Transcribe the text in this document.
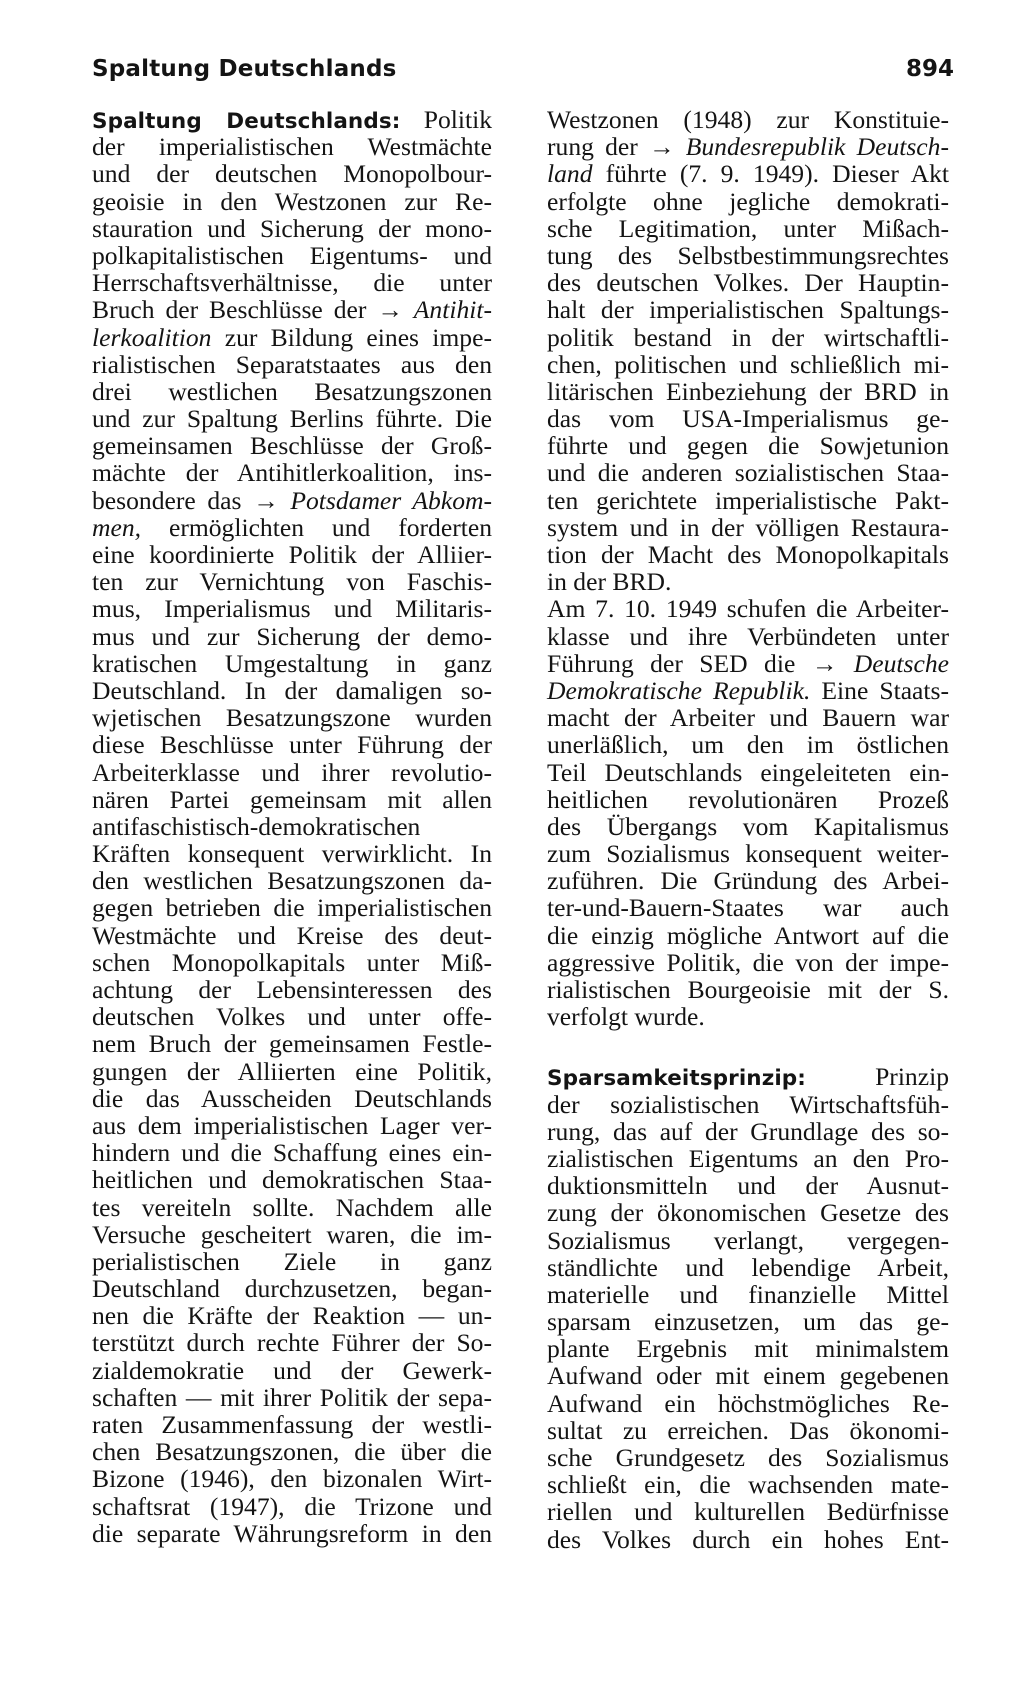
Spaltung Deutschlands	894
Spaltung Deutschlands: Politik
der imperialistischen Westmächte
und der deutschen Monopolbour-
geoisie in den Westzonen zur Re-
stauration und Sicherung der mono-
polkapitalistischen Eigentums- und
Herrschaftsverhältnisse, die unter
Bruch der Beschlüsse der → Antihit-
lerkoalition zur Bildung eines impe-
rialistischen Separatstaates aus den
drei westlichen Besatzungszonen
und zur Spaltung Berlins führte. Die
gemeinsamen Beschlüsse der Groß-
mächte der Antihitlerkoalition, ins-
besondere das → Potsdamer Abkom-
men, ermöglichten und forderten
eine koordinierte Politik der Alliier-
ten zur Vernichtung von Faschis-
mus, Imperialismus und Militaris-
mus und zur Sicherung der demo-
kratischen Umgestaltung in ganz
Deutschland. In der damaligen so-
wjetischen Besatzungszone wurden
diese Beschlüsse unter Führung der
Arbeiterklasse und ihrer revolutio-
nären Partei gemeinsam mit allen
antifaschistisch-demokratischen
Kräften konsequent verwirklicht. In
den westlichen Besatzungszonen da-
gegen betrieben die imperialistischen
Westmächte und Kreise des deut-
schen Monopolkapitals unter Miß-
achtung der Lebensinteressen des
deutschen Volkes und unter offe-
nem Bruch der gemeinsamen Festle-
gungen der Alliierten eine Politik,
die das Ausscheiden Deutschlands
aus dem imperialistischen Lager ver-
hindern und die Schaffung eines ein-
heitlichen und demokratischen Staa-
tes vereiteln sollte. Nachdem alle
Versuche gescheitert waren, die im-
perialistischen Ziele in ganz
Deutschland durchzusetzen, began-
nen die Kräfte der Reaktion — un-
terstützt durch rechte Führer der So-
zialdemokratie und der Gewerk-
schaften — mit ihrer Politik der sepa-
raten Zusammenfassung der westli-
chen Besatzungszonen, die über die
Bizone (1946), den bizonalen Wirt-
schaftsrat (1947), die Trizone und
die separate Währungsreform in den
Westzonen (1948) zur Konstituie-
rung der → Bundesrepublik Deutsch-
land führte (7. 9. 1949). Dieser Akt
erfolgte ohne jegliche demokrati-
sche Legitimation, unter Mißach-
tung des Selbstbestimmungsrechtes
des deutschen Volkes. Der Hauptin-
halt der imperialistischen Spaltungs-
politik bestand in der wirtschaftli-
chen, politischen und schließlich mi-
litärischen Einbeziehung der BRD in
das vom USA-Imperialismus ge-
führte und gegen die Sowjetunion
und die anderen sozialistischen Staa-
ten gerichtete imperialistische Pakt-
system und in der völligen Restaura-
tion der Macht des Monopolkapitals
in der BRD.
Am 7. 10. 1949 schufen die Arbeiter-
klasse und ihre Verbündeten unter
Führung der SED die → Deutsche
Demokratische Republik. Eine Staats-
macht der Arbeiter und Bauern war
unerläßlich, um den im östlichen
Teil Deutschlands eingeleiteten ein-
heitlichen revolutionären Prozeß
des Übergangs vom Kapitalismus
zum Sozialismus konsequent weiter-
zuführen. Die Gründung des Arbei-
ter-und-Bauern-Staates war auch
die einzig mögliche Antwort auf die
aggressive Politik, die von der impe-
rialistischen Bourgeoisie mit der S.
verfolgt wurde.
Sparsamkeitsprinzip:	Prinzip
der sozialistischen Wirtschaftsfüh-
rung, das auf der Grundlage des so-
zialistischen Eigentums an den Pro-
duktionsmitteln und der Ausnut-
zung der ökonomischen Gesetze des
Sozialismus verlangt, vergegen-
ständlichte und lebendige Arbeit,
materielle und finanzielle Mittel
sparsam einzusetzen, um das ge-
plante Ergebnis mit minimalstem
Aufwand oder mit einem gegebenen
Aufwand ein höchstmögliches Re-
sultat zu erreichen. Das ökonomi-
sche Grundgesetz des Sozialismus
schließt ein, die wachsenden mate-
riellen und kulturellen Bedürfnisse
des Volkes durch ein hohes Ent-
